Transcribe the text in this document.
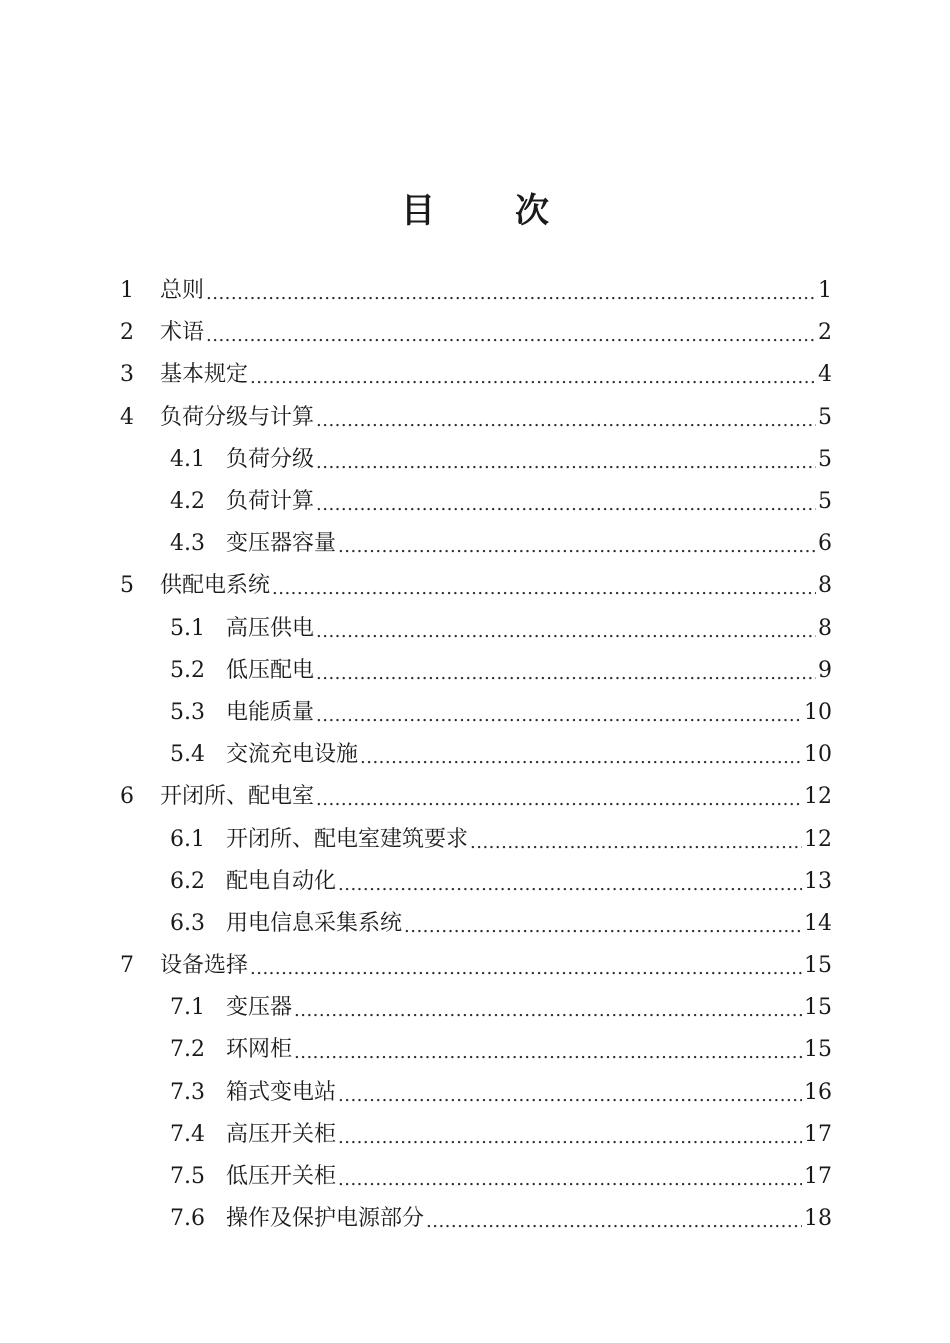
目 次
1	总则 .....	1
2	术语 .....	2
3	基本规定 .....	4
4	负荷分级与计算 .....	5
4.1 负荷分级 .....	5
4.2 负荷计算 .....	5
4.3 变压器容量 .....	6
5	供配电系统 .....	8
5.1 高压供电 .....	8
5.2 低压配电 .....	9
5.3 电能质量 .....	10
5.4 交流充电设施 .....	10
6	开闭所、配电室 .....	12
6.1 开闭所、配电室建筑要求 .....	12
6.2 配电自动化 .....	13
6.3 用电信息采集系统 .....	14
7	设备选择 .....	15
7.1 变压器 .....	15
7.2 环网柜 .....	15
7.3 箱式变电站 .....	16
7.4 高压开关柜 .....	17
7.5 低压开关柜 .....	17
7.6 操作及保护电源部分 .....	18
